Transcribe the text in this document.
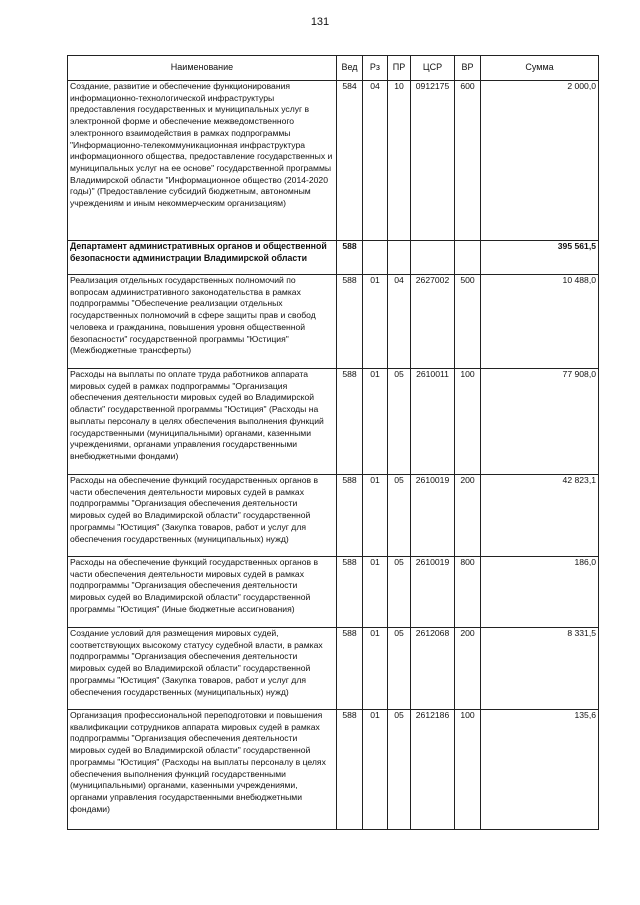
131
Наименование	Вед	Рз	ПР	ЦСР	ВР	Сумма
Создание, развитие и обеспечение функционирования информационно-технологической инфраструктуры предоставления государственных и муниципальных услуг в электронной форме и обеспечение межведомственного электронного взаимодействия в рамках подпрограммы "Информационно-телекоммуникационная инфраструктура информационного общества, предоставление государственных и муниципальных услуг на ее основе" государственной программы Владимирской области "Информационное общество (2014-2020 годы)" (Предоставление субсидий бюджетным, автономным учреждениям и иным некоммерческим организациям)	584	04	10	0912175	600	2 000,0
Департамент административных органов и общественной безопасности администрации Владимирской области	588					395 561,5
Реализация отдельных государственных полномочий по вопросам административного законодательства в рамках подпрограммы "Обеспечение реализации отдельных государственных полномочий в сфере защиты прав и свобод человека и гражданина, повышения уровня общественной безопасности" государственной программы "Юстиция" (Межбюджетные трансферты)	588	01	04	2627002	500	10 488,0
Расходы на выплаты по оплате труда работников аппарата мировых судей в рамках подпрограммы "Организация обеспечения деятельности мировых судей во Владимирской области" государственной программы "Юстиция" (Расходы на выплаты персоналу в целях обеспечения выполнения функций государственными (муниципальными) органами, казенными учреждениями, органами управления государственными внебюджетными фондами)	588	01	05	2610011	100	77 908,0
Расходы на обеспечение функций государственных органов в части обеспечения деятельности мировых судей в рамках подпрограммы "Организация обеспечения деятельности мировых судей во Владимирской области" государственной программы "Юстиция" (Закупка товаров, работ и услуг для обеспечения государственных (муниципальных) нужд)	588	01	05	2610019	200	42 823,1
Расходы на обеспечение функций государственных органов в части обеспечения деятельности мировых судей в рамках подпрограммы "Организация обеспечения деятельности мировых судей во Владимирской области" государственной программы "Юстиция" (Иные бюджетные ассигнования)	588	01	05	2610019	800	186,0
Создание условий для размещения мировых судей, соответствующих высокому статусу судебной власти, в рамках подпрограммы "Организация обеспечения деятельности мировых судей во Владимирской области" государственной программы "Юстиция" (Закупка товаров, работ и услуг для обеспечения государственных (муниципальных) нужд)	588	01	05	2612068	200	8 331,5
Организация профессиональной переподготовки и повышения квалификации сотрудников аппарата мировых судей в рамках подпрограммы "Организация обеспечения деятельности мировых судей во Владимирской области" государственной программы "Юстиция" (Расходы на выплаты персоналу в целях обеспечения выполнения функций государственными (муниципальными) органами, казенными учреждениями, органами управления государственными внебюджетными фондами)	588	01	05	2612186	100	135,6
